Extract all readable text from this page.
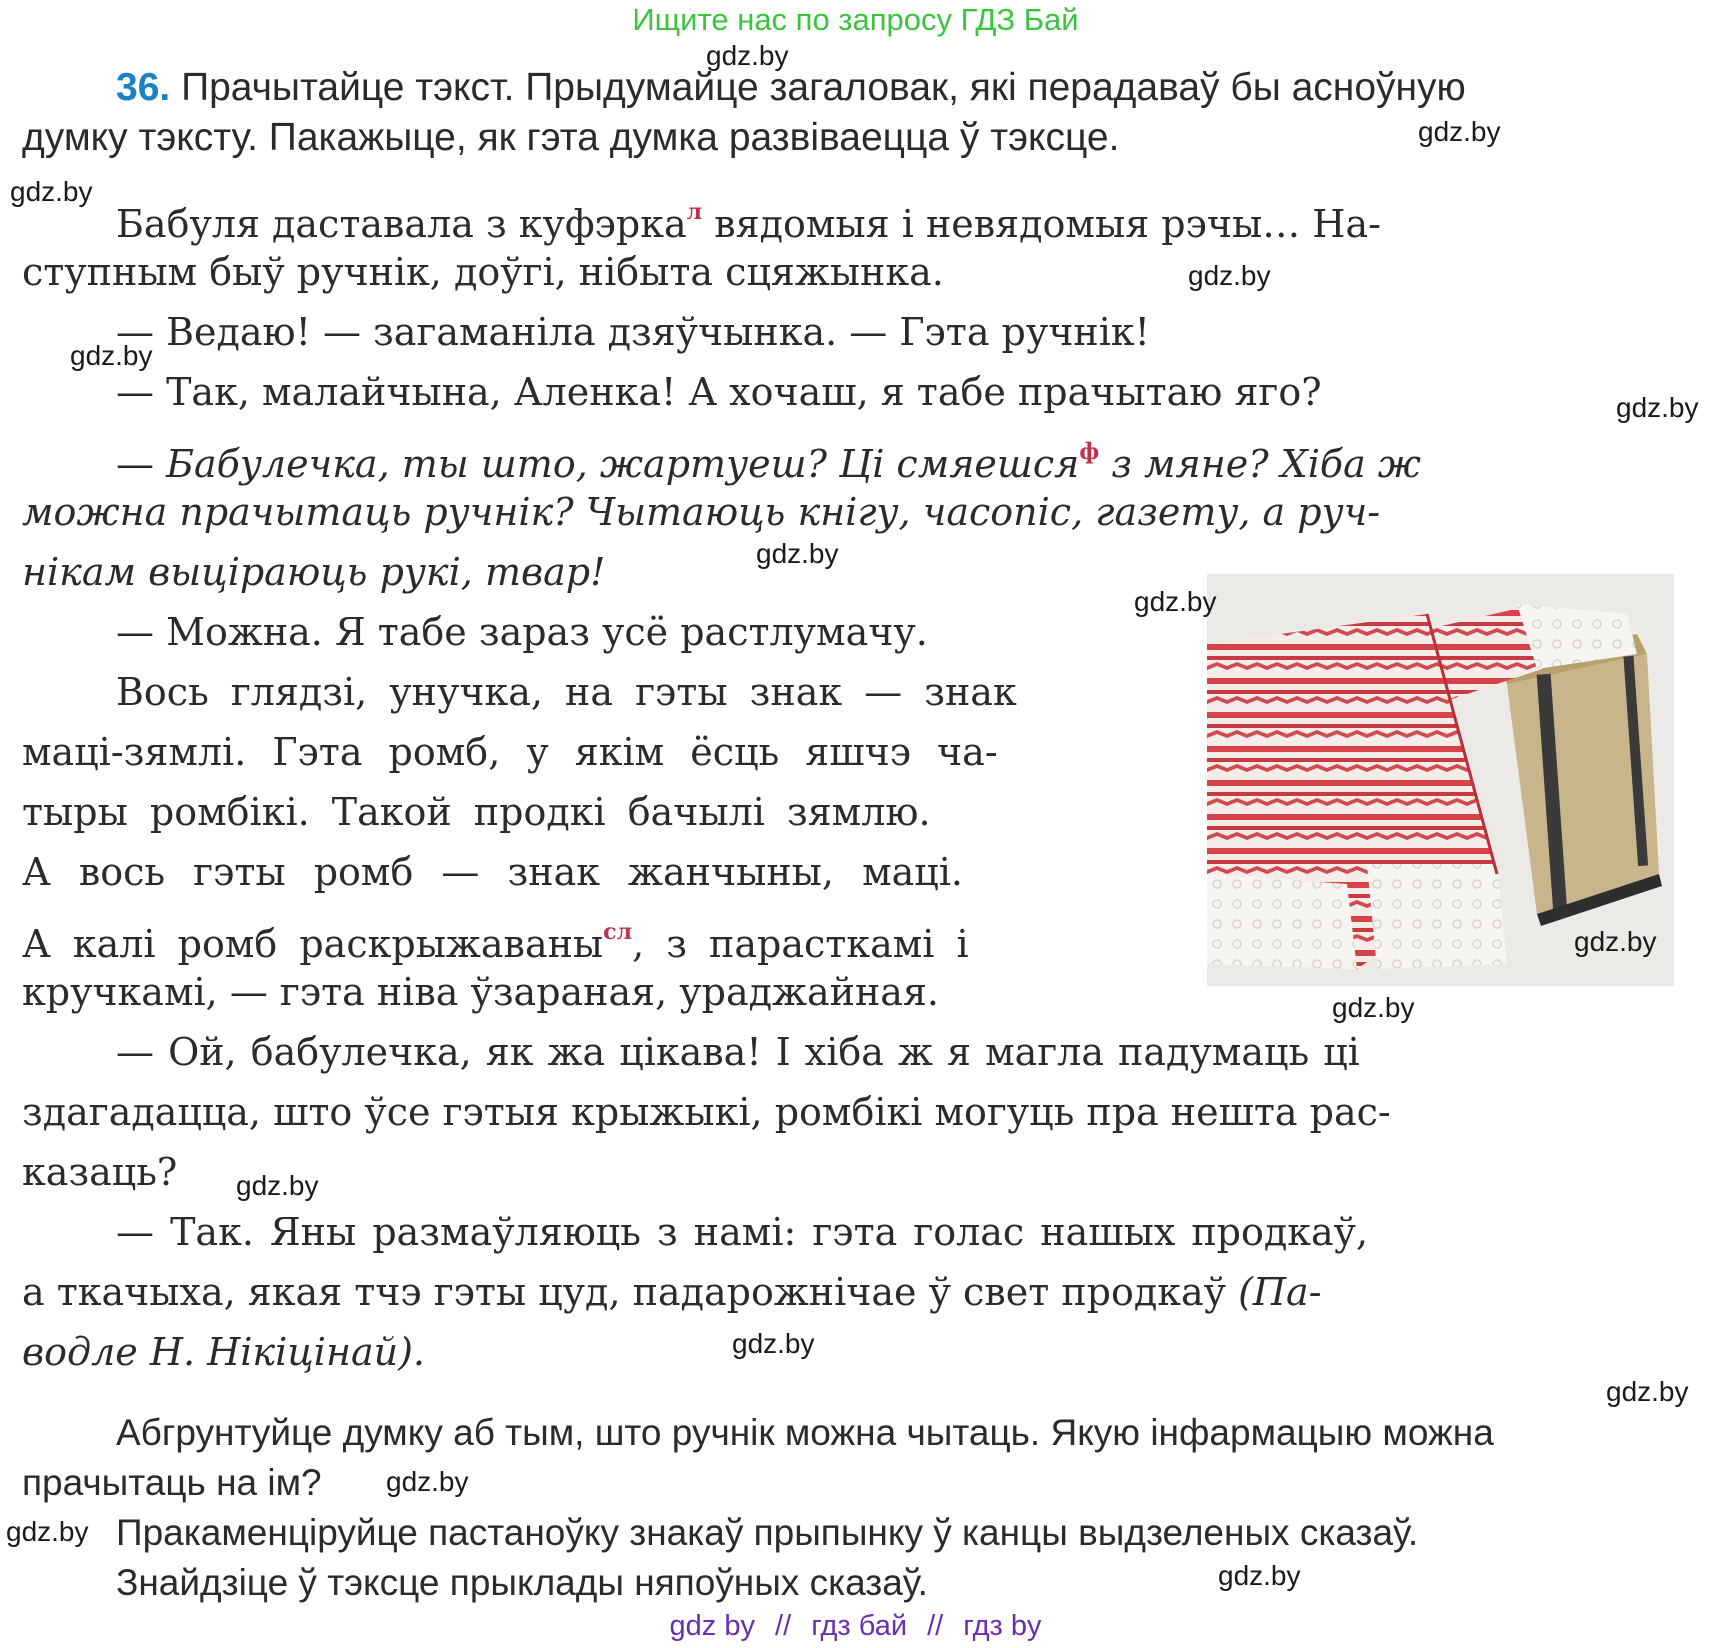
Ищите нас по запросу ГДЗ Бай
36. Прачытайце тэкст. Прыдумайце загаловак, які перадаваў бы асноўную
думку тэксту. Пакажыце, як гэта думка развіваецца ў тэксце.
Бабуля даставала з куфэрка$^л$ вядомыя і невядомыя рэчы… На-
ступным быў ручнік, доўгі, нібыта сцяжынка.
— Ведаю! — загаманіла дзяўчынка. — Гэта ручнік!
— Так, малайчына, Аленка! А хочаш, я табе прачытаю яго?
— Бабулечка, ты што, жартуеш? Ці смяешся$^ф$ з мяне? Хіба ж
можна прачытаць ручнік? Чытаюць кнігу, часопіс, газету, а руч-
нікам выціраюць рукі, твар!
— Можна. Я табе зараз усё растлумачу.
Вось глядзі, унучка, на гэты знак — знак
маці-зямлі. Гэта ромб, у якім ёсць яшчэ ча-
тыры ромбікі. Такой продкі бачылі зямлю.
А вось гэты ромб — знак жанчыны, маці.
А калі ромб раскрыжаваны$^{сл}$, з парасткамі і
кручкамі, — гэта ніва ўзараная, ураджайная.
— Ой, бабулечка, як жа цікава! І хіба ж я магла падумаць ці
здагадацца, што ўсе гэтыя крыжыкі, ромбікі могуць пра нешта рас-
казаць?
— Так. Яны размаўляюць з намі: гэта голас нашых продкаў,
а ткачыха, якая тчэ гэты цуд, падарожнічае ў свет продкаў (Па-
водле Н. Нікіцінай).
Абгрунтуйце думку аб тым, што ручнік можна чытаць. Якую інфармацыю можна
прачытаць на ім?
Пракаменціруйце пастаноўку знакаў прыпынку ў канцы выдзеленых сказаў.
Знайдзіце ў тэксце прыклады няпоўных сказаў.
gdz.by
gdz.by
gdz.by
gdz.by
gdz.by
gdz.by
gdz.by
gdz.by
gdz.by
gdz.by
gdz.by
gdz.by
gdz.by
gdz.by
gdz.by
gdz.by
gdz by // гдз бай // гдз by
